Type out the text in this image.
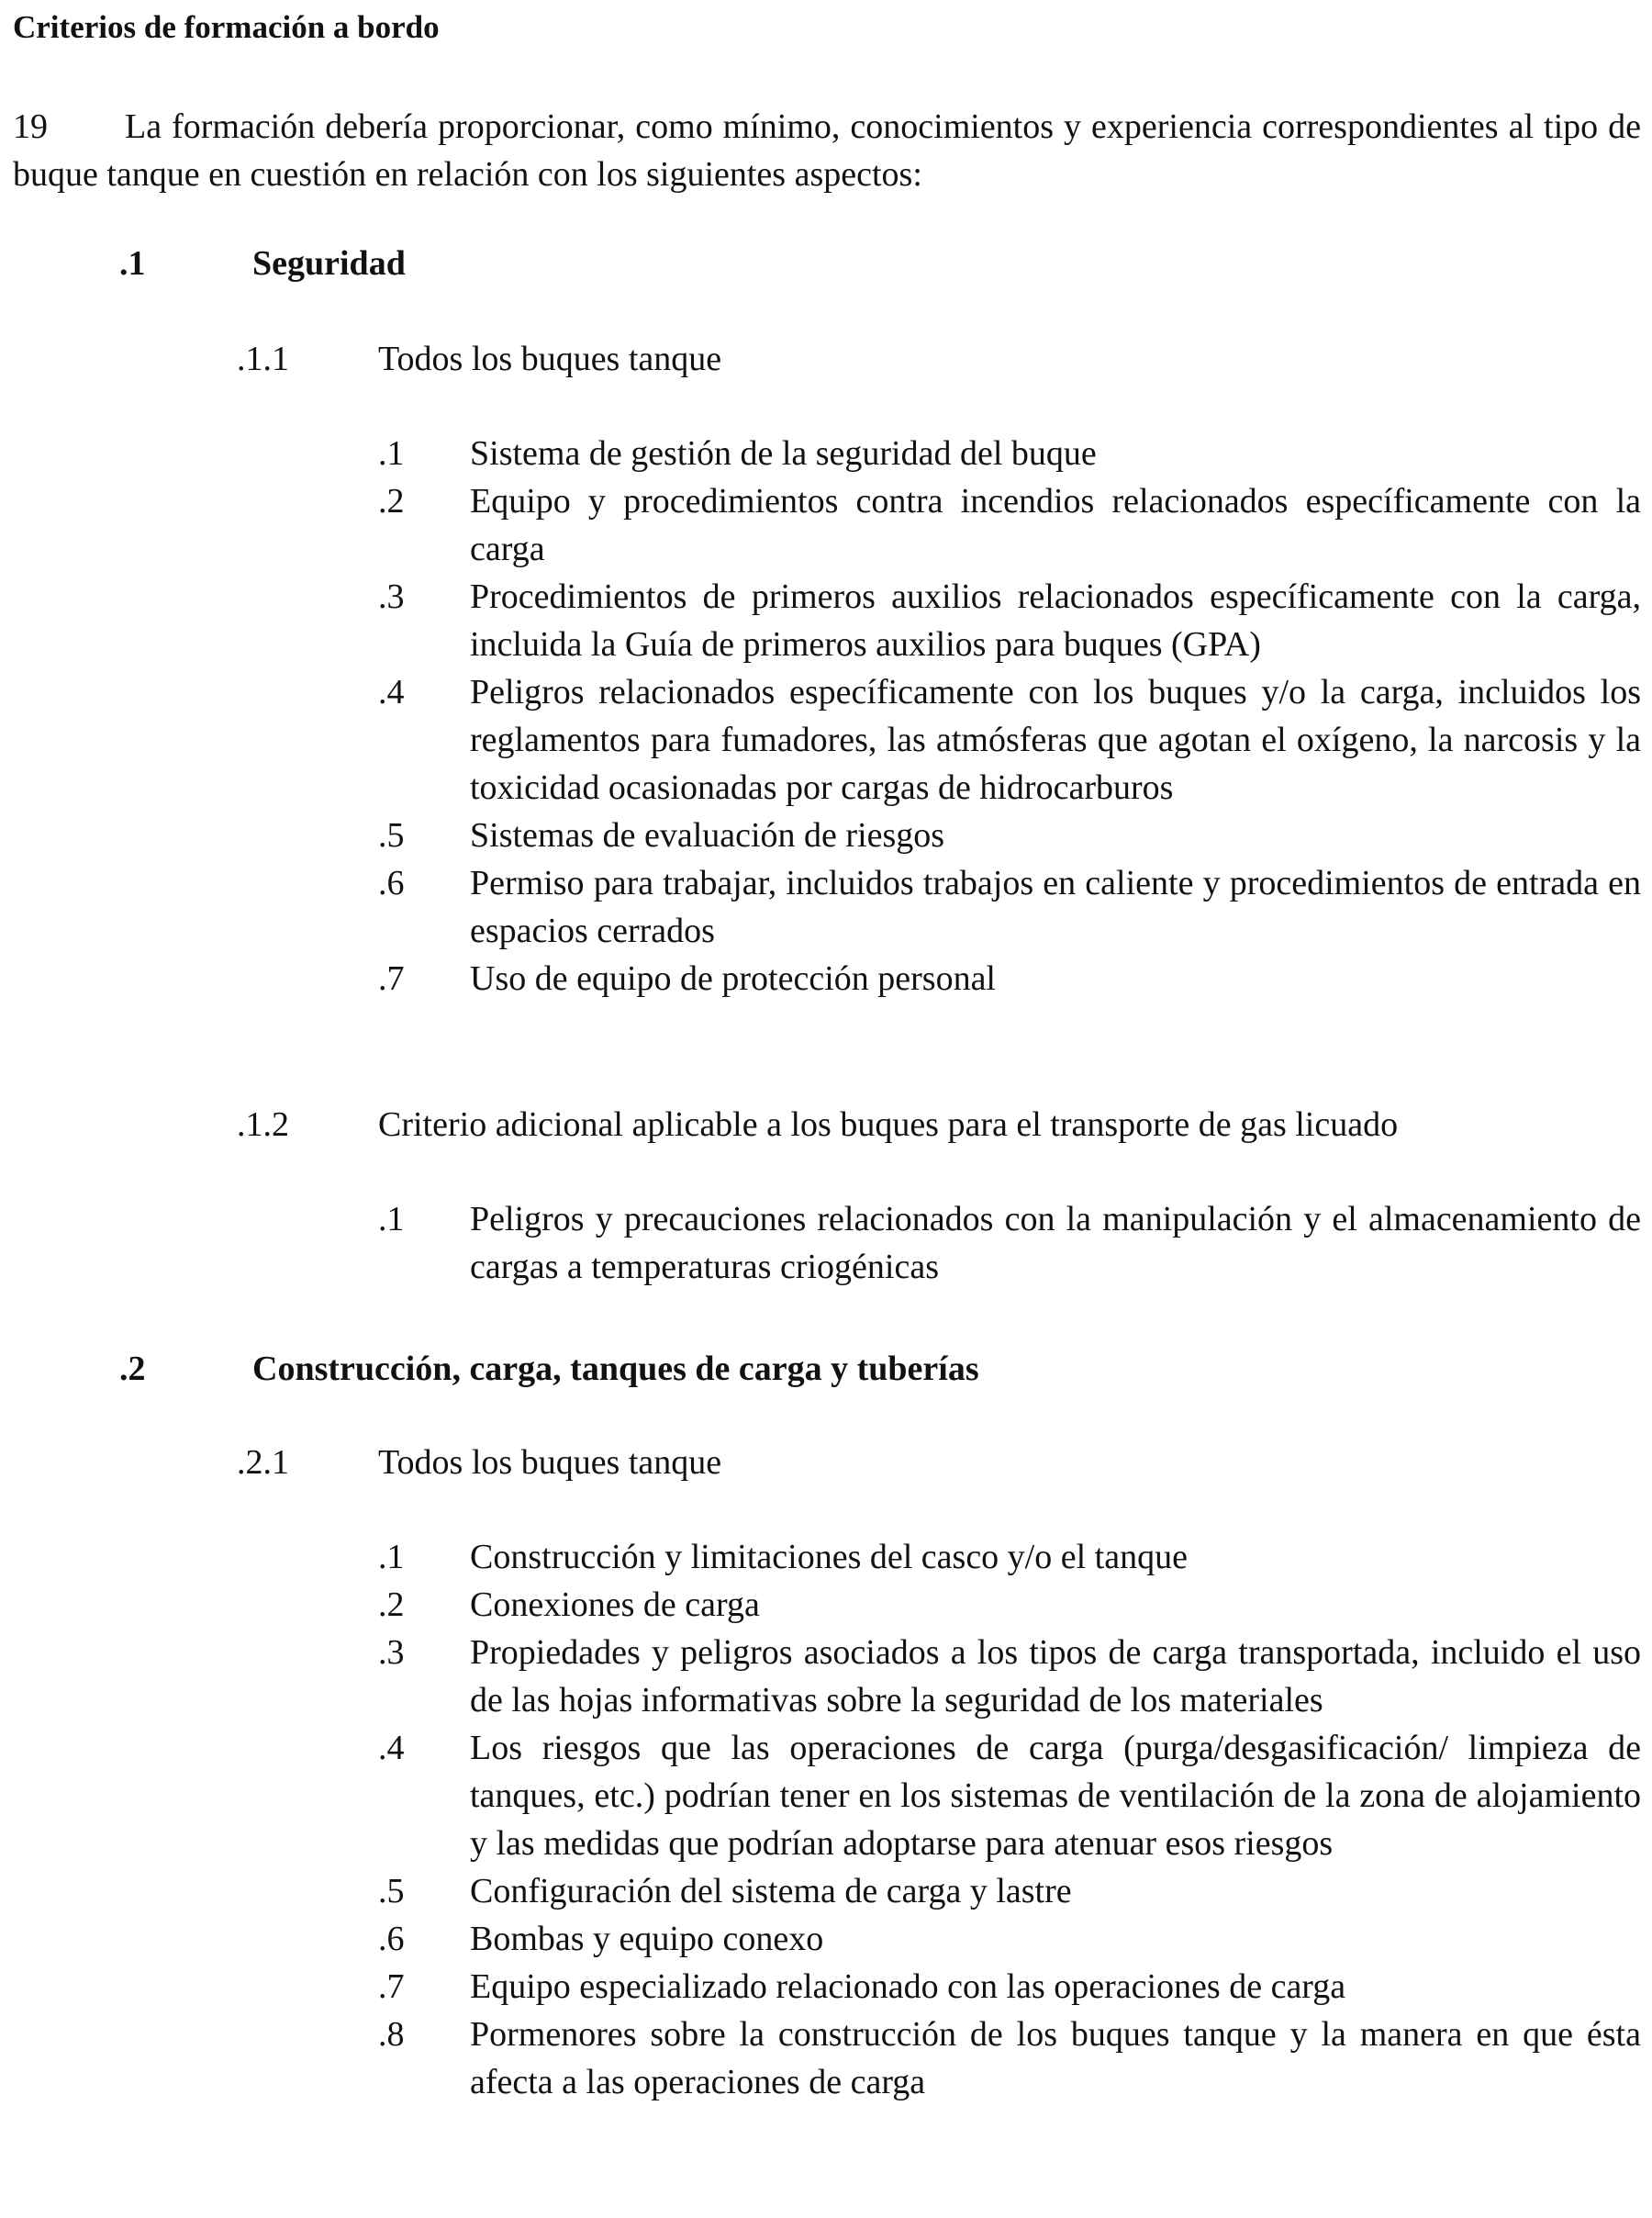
Criterios de formación a bordo
19 La formación debería proporcionar, como mínimo, conocimientos y experiencia correspondientes al tipo de buque tanque en cuestión en relación con los siguientes aspectos:
.1	Seguridad
.1.1	Todos los buques tanque
.1	Sistema de gestión de la seguridad del buque
.2	Equipo y procedimientos contra incendios relacionados específicamente con la carga
.3	Procedimientos de primeros auxilios relacionados específicamente con la carga, incluida la Guía de primeros auxilios para buques (GPA)
.4	Peligros relacionados específicamente con los buques y/o la carga, incluidos los reglamentos para fumadores, las atmósferas que agotan el oxígeno, la narcosis y la toxicidad ocasionadas por cargas de hidrocarburos
.5	Sistemas de evaluación de riesgos
.6	Permiso para trabajar, incluidos trabajos en caliente y procedimientos de entrada en espacios cerrados
.7	Uso de equipo de protección personal
.1.2	Criterio adicional aplicable a los buques para el transporte de gas licuado
.1	Peligros y precauciones relacionados con la manipulación y el almacenamiento de cargas a temperaturas criogénicas
.2	Construcción, carga, tanques de carga y tuberías
.2.1	Todos los buques tanque
.1	Construcción y limitaciones del casco y/o el tanque
.2	Conexiones de carga
.3	Propiedades y peligros asociados a los tipos de carga transportada, incluido el uso de las hojas informativas sobre la seguridad de los materiales
.4	Los riesgos que las operaciones de carga (purga/desgasificación/ limpieza de tanques, etc.) podrían tener en los sistemas de ventilación de la zona de alojamiento y las medidas que podrían adoptarse para atenuar esos riesgos
.5	Configuración del sistema de carga y lastre
.6	Bombas y equipo conexo
.7	Equipo especializado relacionado con las operaciones de carga
.8	Pormenores sobre la construcción de los buques tanque y la manera en que ésta afecta a las operaciones de carga
